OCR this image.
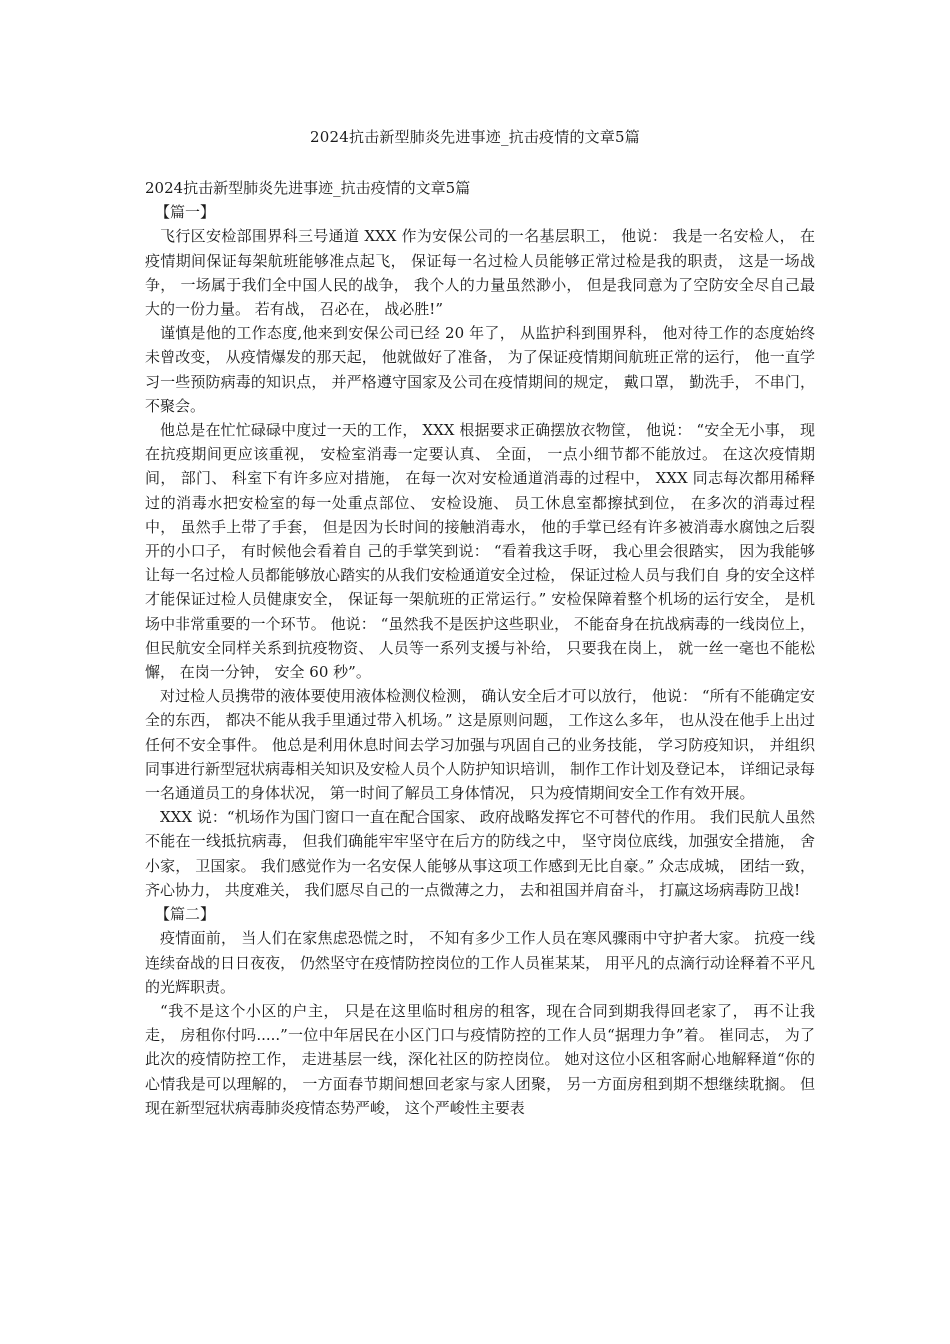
2024抗击新型肺炎先进事迹_抗击疫情的文章5篇

2024抗击新型肺炎先进事迹_抗击疫情的文章5篇

【篇一】

飞行区安检部围界科三号通道 XXX 作为安保公司的一名基层职工， 他说： 我是一名安检人， 在疫情期间保证每架航班能够准点起飞， 保证每一名过检人员能够正常过检是我的职责， 这是一场战争， 一场属于我们全中国人民的战争， 我个人的力量虽然渺小， 但是我同意为了空防安全尽自己最大的一份力量。 若有战， 召必在， 战必胜!”

谨慎是他的工作态度,他来到安保公司已经 20 年了， 从监护科到围界科， 他对待工作的态度始终未曾改变， 从疫情爆发的那天起， 他就做好了准备， 为了保证疫情期间航班正常的运行， 他一直学习一些预防病毒的知识点， 并严格遵守国家及公司在疫情期间的规定， 戴口罩， 勤洗手， 不串门，不聚会。

他总是在忙忙碌碌中度过一天的工作， XXX 根据要求正确摆放衣物筐， 他说： “安全无小事， 现在抗疫期间更应该重视， 安检室消毒一定要认真、 全面， 一点小细节都不能放过。 在这次疫情期间， 部门、 科室下有许多应对措施， 在每一次对安检通道消毒的过程中， XXX 同志每次都用稀释过的消毒水把安检室的每一处重点部位、 安检设施、 员工休息室都擦拭到位， 在多次的消毒过程中， 虽然手上带了手套， 但是因为长时间的接触消毒水， 他的手掌已经有许多被消毒水腐蚀之后裂开的小口子， 有时候他会看着自 己的手掌笑到说： “看着我这手呀， 我心里会很踏实， 因为我能够让每一名过检人员都能够放心踏实的从我们安检通道安全过检， 保证过检人员与我们自 身的安全这样才能保证过检人员健康安全， 保证每一架航班的正常运行。” 安检保障着整个机场的运行安全， 是机场中非常重要的一个环节。 他说： “虽然我不是医护这些职业， 不能奋身在抗战病毒的一线岗位上，但民航安全同样关系到抗疫物资、 人员等一系列支援与补给， 只要我在岗上， 就一丝一毫也不能松懈， 在岗一分钟， 安全 60 秒”。

对过检人员携带的液体要使用液体检测仪检测， 确认安全后才可以放行， 他说： “所有不能确定安全的东西， 都决不能从我手里通过带入机场。” 这是原则问题， 工作这么多年， 也从没在他手上出过任何不安全事件。 他总是利用休息时间去学习加强与巩固自己的业务技能， 学习防疫知识， 并组织同事进行新型冠状病毒相关知识及安检人员个人防护知识培训， 制作工作计划及登记本， 详细记录每一名通道员工的身体状况， 第一时间了解员工身体情况， 只为疫情期间安全工作有效开展。

XXX 说：“机场作为国门窗口一直在配合国家、 政府战略发挥它不可替代的作用。 我们民航人虽然不能在一线抵抗病毒， 但我们确能牢牢坚守在后方的防线之中， 坚守岗位底线，加强安全措施， 舍小家， 卫国家。 我们感觉作为一名安保人能够从事这项工作感到无比自豪。” 众志成城， 团结一致，齐心协力， 共度难关， 我们愿尽自己的一点微薄之力， 去和祖国并肩奋斗， 打赢这场病毒防卫战!

【篇二】

疫情面前， 当人们在家焦虑恐慌之时， 不知有多少工作人员在寒风骤雨中守护者大家。 抗疫一线连续奋战的日日夜夜， 仍然坚守在疫情防控岗位的工作人员崔某某， 用平凡的点滴行动诠释着不平凡的光辉职责。

“我不是这个小区的户主， 只是在这里临时租房的租客，现在合同到期我得回老家了， 再不让我走， 房租你付吗.....”一位中年居民在小区门口与疫情防控的工作人员“据理力争”着。 崔同志， 为了此次的疫情防控工作， 走进基层一线，深化社区的防控岗位。 她对这位小区租客耐心地解释道“你的心情我是可以理解的， 一方面春节期间想回老家与家人团聚， 另一方面房租到期不想继续耽搁。 但现在新型冠状病毒肺炎疫情态势严峻， 这个严峻性主要表
